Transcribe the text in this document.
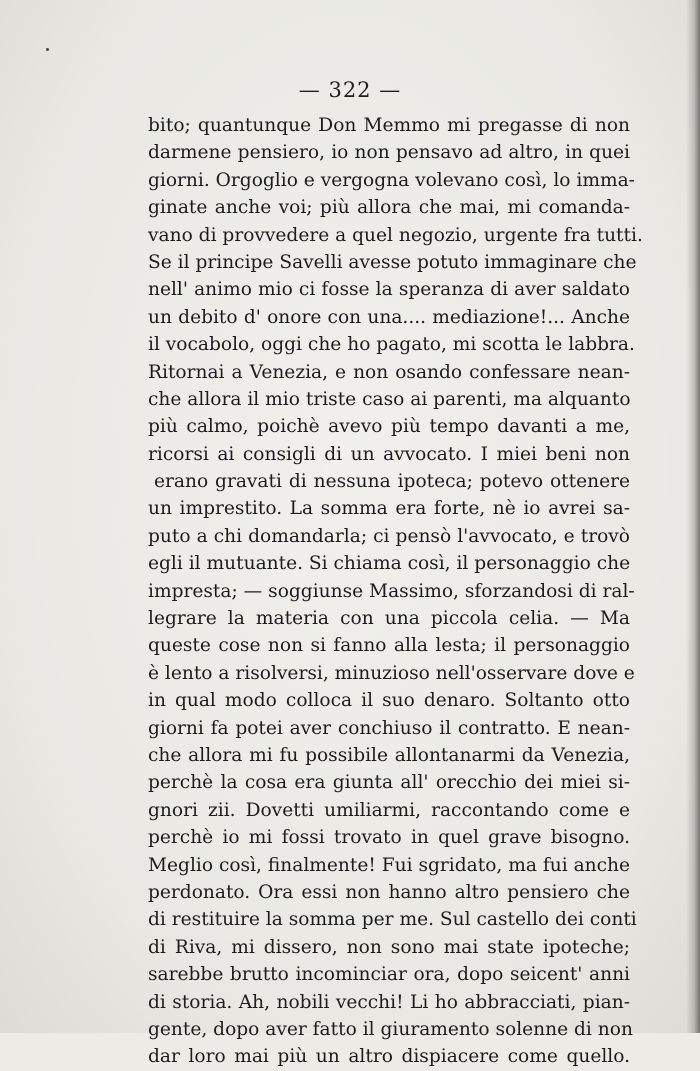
— 322 —
bito; quantunque Don Memmo mi pregasse di non
darmene pensiero, io non pensavo ad altro, in quei
giorni. Orgoglio e vergogna volevano così, lo imma-
ginate anche voi; più allora che mai, mi comanda-
vano di provvedere a quel negozio, urgente fra tutti.
Se il principe Savelli avesse potuto immaginare che
nell' animo mio ci fosse la speranza di aver saldato
un debito d' onore con una.... mediazione!... Anche
il vocabolo, oggi che ho pagato, mi scotta le labbra.
Ritornai a Venezia, e non osando confessare nean-
che allora il mio triste caso ai parenti, ma alquanto
più calmo, poichè avevo più tempo davanti a me,
ricorsi ai consigli di un avvocato. I miei beni non
erano gravati di nessuna ipoteca; potevo ottenere
un imprestito. La somma era forte, nè io avrei sa-
puto a chi domandarla; ci pensò l'avvocato, e trovò
egli il mutuante. Si chiama così, il personaggio che
impresta; — soggiunse Massimo, sforzandosi di ral-
legrare la materia con una piccola celia. — Ma
queste cose non si fanno alla lesta; il personaggio
è lento a risolversi, minuzioso nell'osservare dove e
in qual modo colloca il suo denaro. Soltanto otto
giorni fa potei aver conchiuso il contratto. E nean-
che allora mi fu possibile allontanarmi da Venezia,
perchè la cosa era giunta all' orecchio dei miei si-
gnori zii. Dovetti umiliarmi, raccontando come e
perchè io mi fossi trovato in quel grave bisogno.
Meglio così, finalmente! Fui sgridato, ma fui anche
perdonato. Ora essi non hanno altro pensiero che
di restituire la somma per me. Sul castello dei conti
di Riva, mi dissero, non sono mai state ipoteche;
sarebbe brutto incominciar ora, dopo seicent' anni
di storia. Ah, nobili vecchi! Li ho abbracciati, pian-
gente, dopo aver fatto il giuramento solenne di non
dar loro mai più un altro dispiacere come quello.
